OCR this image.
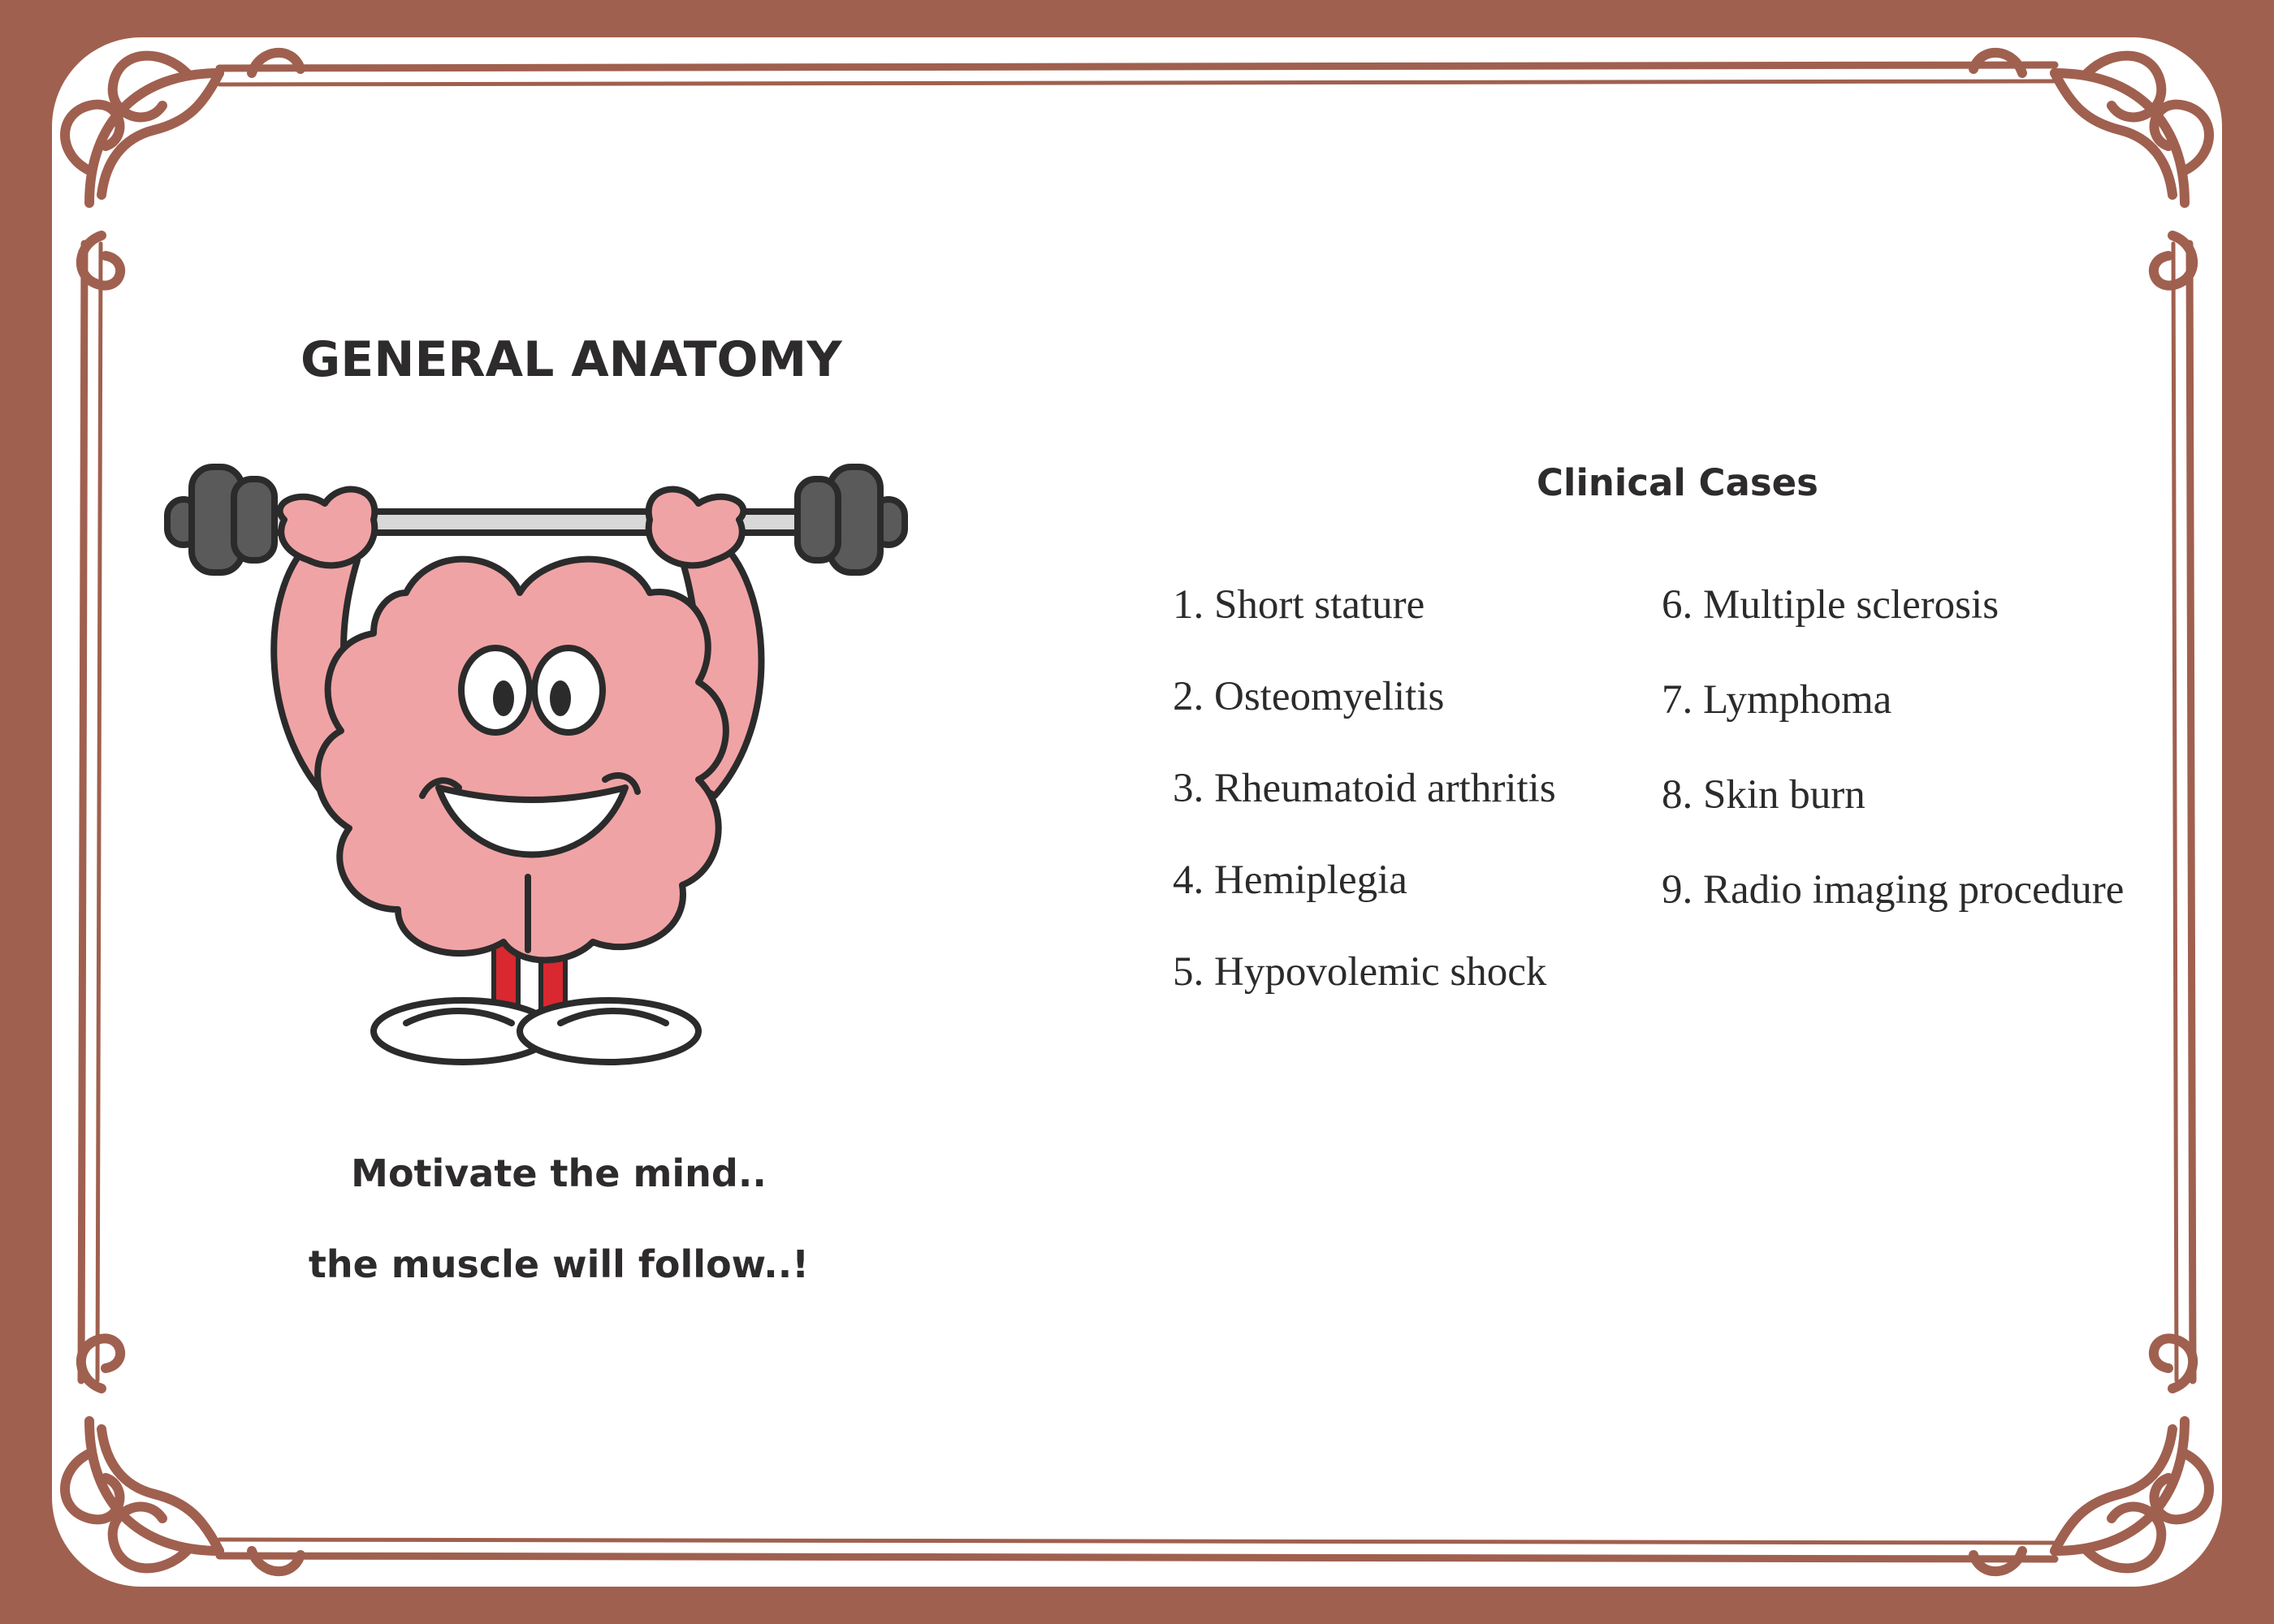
GENERAL ANATOMY

Motivate the mind..

the muscle will follow..!

Clinical Cases
1. Short stature
2. Osteomyelitis
3. Rheumatoid arthritis
4. Hemiplegia
5. Hypovolemic shock
6. Multiple sclerosis
7. Lymphoma
8. Skin burn
9. Radio imaging procedure
